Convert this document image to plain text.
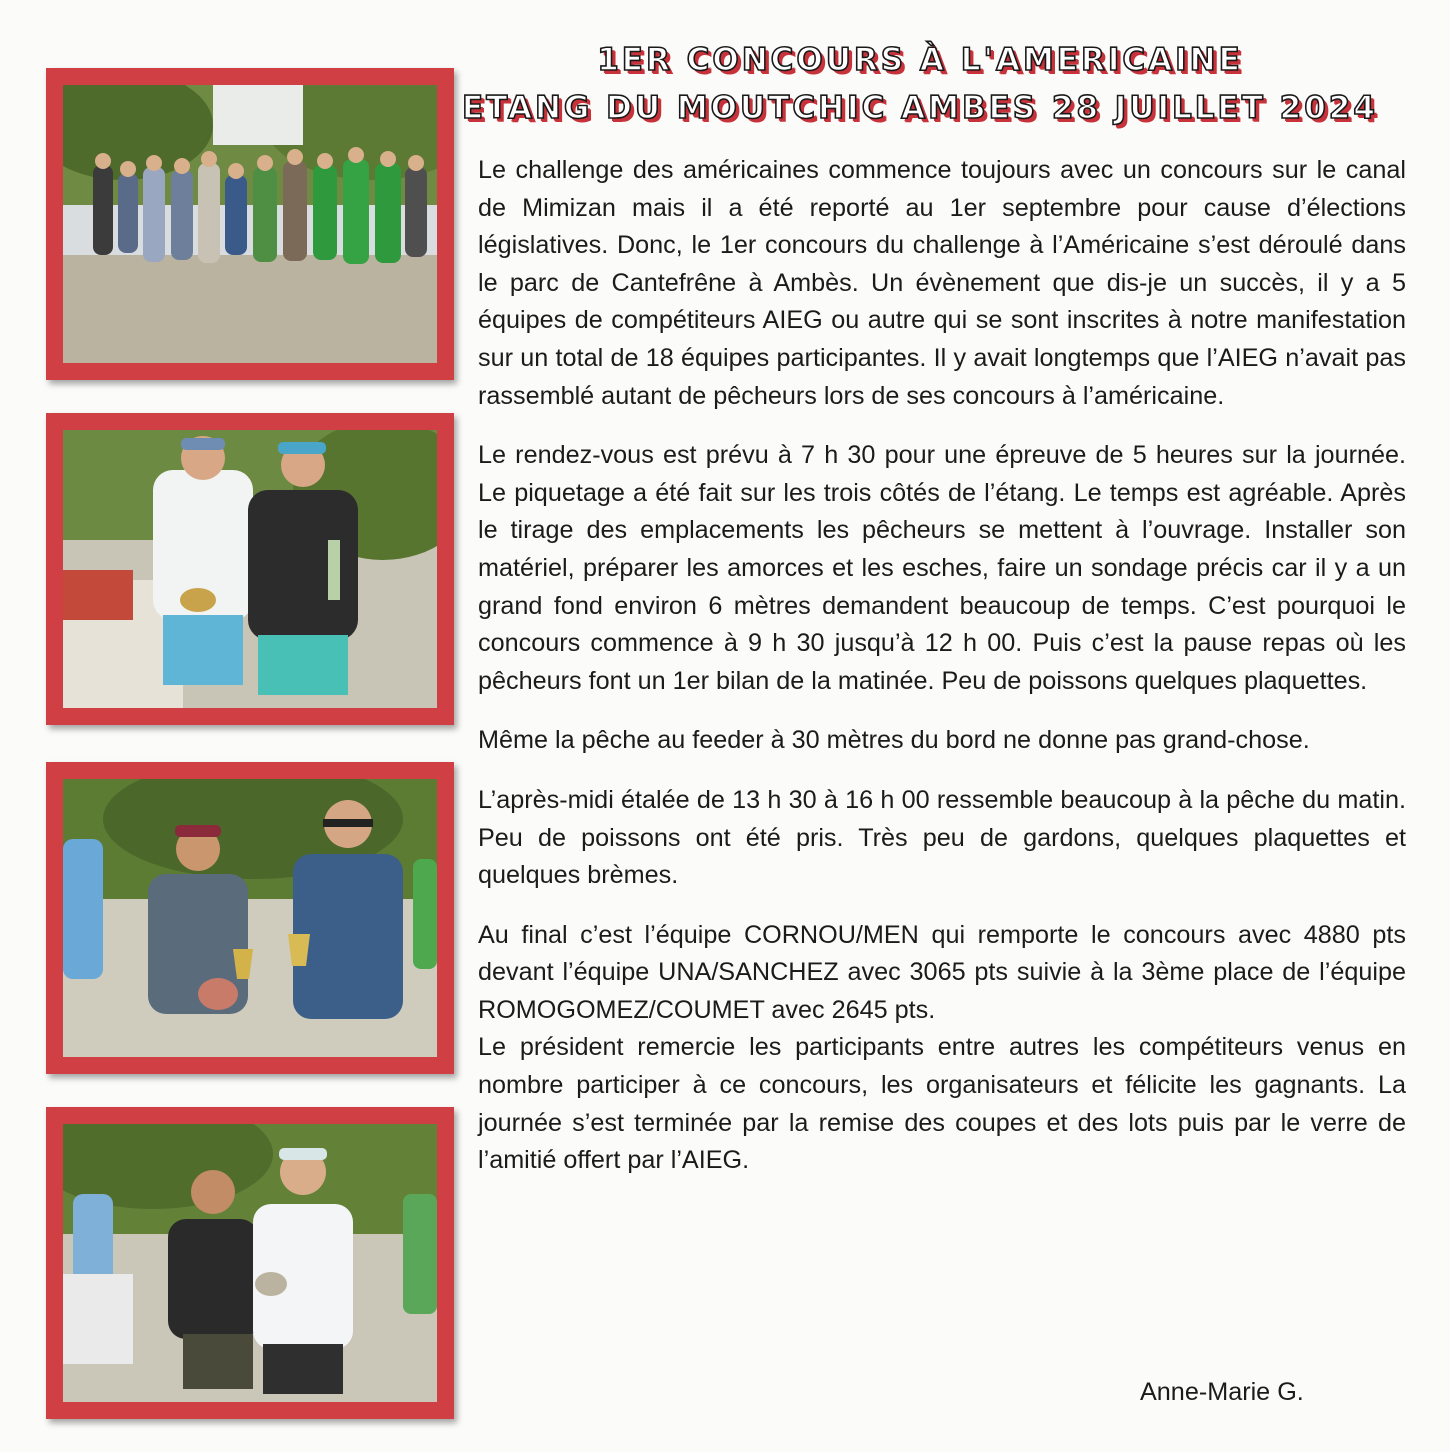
1ER CONCOURS À L'AMERICAINE
ETANG DU MOUTCHIC AMBES 28 JUILLET 2024

Le challenge des américaines commence toujours avec un concours sur le canal de Mimizan mais il a été reporté au 1er septembre pour cause d’élections législatives. Donc, le 1er concours du challenge à l’Américaine s’est déroulé dans le parc de Cantefrêne à Ambès. Un évènement que dis-je un succès, il y a 5 équipes de compétiteurs AIEG ou autre qui se sont inscrites à notre manifestation sur un total de 18 équipes participantes. Il y avait longtemps que l’AIEG n’avait pas rassemblé autant de pêcheurs lors de ses concours à l’américaine.

Le rendez-vous est prévu à 7 h 30 pour une épreuve de 5 heures sur la journée. Le piquetage a été fait sur les trois côtés de l’étang. Le temps est agréable. Après le tirage des emplacements les pêcheurs se mettent à l’ouvrage. Installer son matériel, préparer les amorces et les esches, faire un sondage précis car il y a un grand fond environ 6 mètres demandent beaucoup de temps. C’est pourquoi le concours commence à 9 h 30 jusqu’à 12 h 00. Puis c’est la pause repas où les pêcheurs font un 1er bilan de la matinée. Peu de poissons quelques plaquettes.

Même la pêche au feeder à 30 mètres du bord ne donne pas grand-chose.

L’après-midi étalée de 13 h 30 à 16 h 00 ressemble beaucoup à la pêche du matin. Peu de poissons ont été pris. Très peu de gardons, quelques plaquettes et quelques brèmes.

Au final c’est l’équipe CORNOU/MEN qui remporte le concours avec 4880 pts devant l’équipe UNA/SANCHEZ avec 3065 pts suivie à la 3ème place de l’équipe ROMOGOMEZ/COUMET avec 2645 pts.

Le président remercie les participants entre autres les compétiteurs venus en nombre participer à ce concours, les organisateurs et félicite les gagnants. La journée s’est terminée par la remise des coupes et des lots puis par le verre de l’amitié offert par l’AIEG.

Anne-Marie G.
